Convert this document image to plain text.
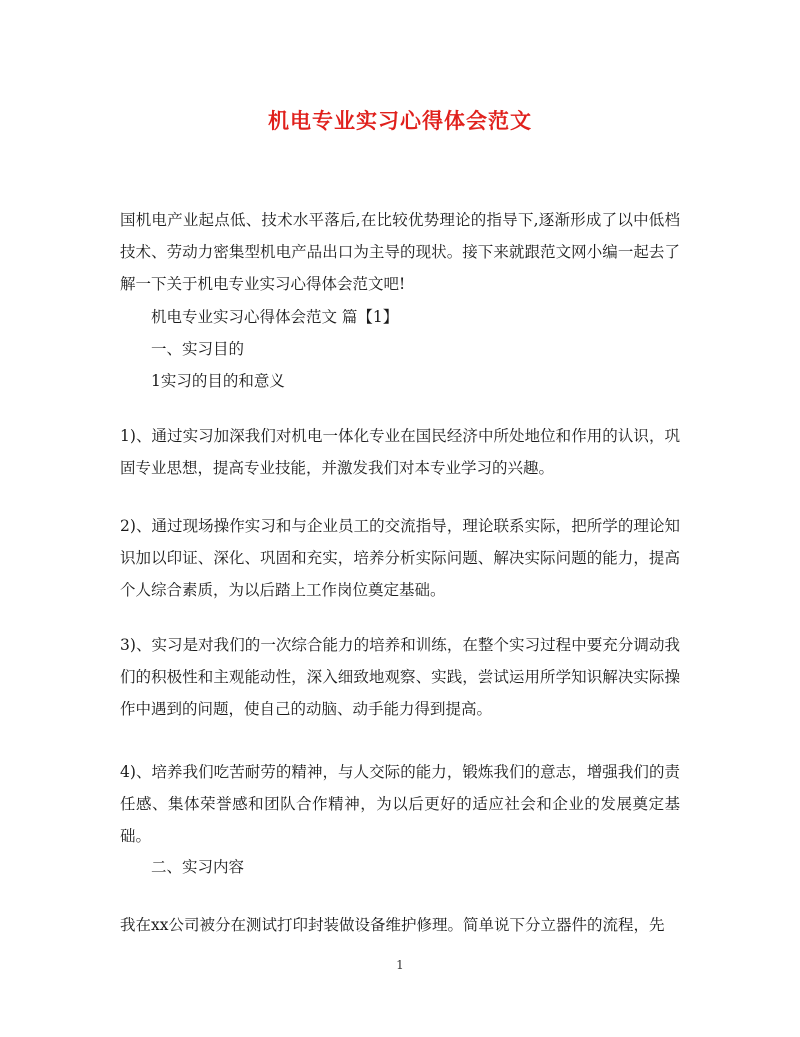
机电专业实习心得体会范文

国机电产业起点低、技术水平落后,在比较优势理论的指导下,逐渐形成了以中低档技术、劳动力密集型机电产品出口为主导的现状。接下来就跟范文网小编一起去了解一下关于机电专业实习心得体会范文吧!

机电专业实习心得体会范文 篇【1】

一、实习目的

1实习的目的和意义

1)、通过实习加深我们对机电一体化专业在国民经济中所处地位和作用的认识，巩固专业思想，提高专业技能，并激发我们对本专业学习的兴趣。

2)、通过现场操作实习和与企业员工的交流指导，理论联系实际，把所学的理论知识加以印证、深化、巩固和充实，培养分析实际问题、解决实际问题的能力，提高个人综合素质，为以后踏上工作岗位奠定基础。

3)、实习是对我们的一次综合能力的培养和训练，在整个实习过程中要充分调动我们的积极性和主观能动性，深入细致地观察、实践，尝试运用所学知识解决实际操作中遇到的问题，使自己的动脑、动手能力得到提高。

4)、培养我们吃苦耐劳的精神，与人交际的能力，锻炼我们的意志，增强我们的责任感、集体荣誉感和团队合作精神，为以后更好的适应社会和企业的发展奠定基础。

二、实习内容

我在xx公司被分在测试打印封装做设备维护修理。简单说下分立器件的流程，先

1
